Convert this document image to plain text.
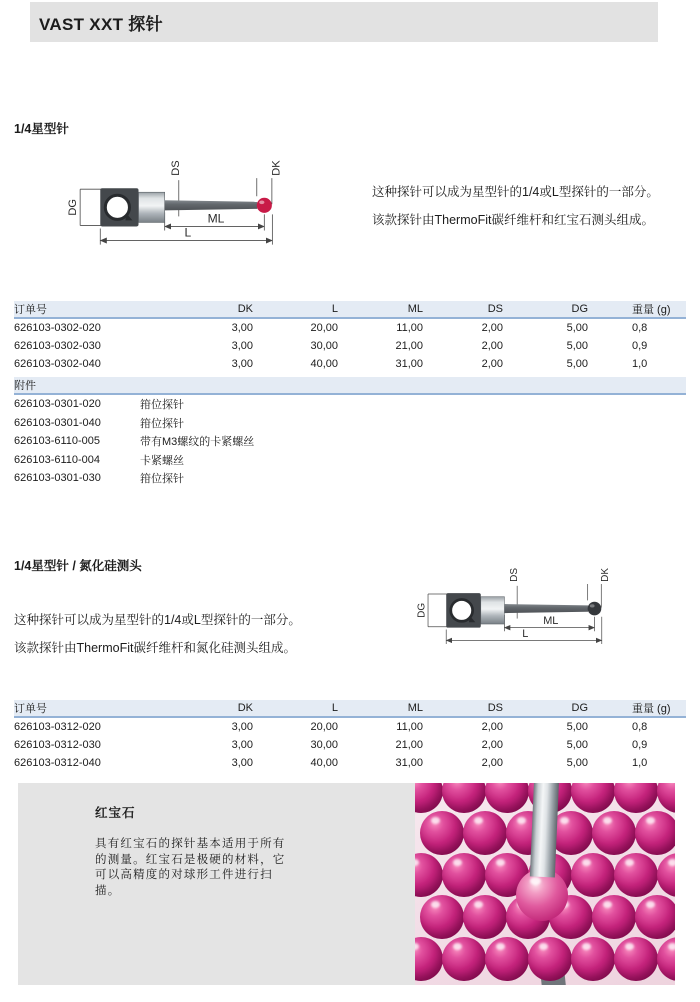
VAST XXT 探针
1/4星型针
DG
DS	DK
ML
L
这种探针可以成为星型针的1/4或L型探针的一部分。
该款探针由ThermoFit碳纤维杆和红宝石测头组成。
订单号	DK	L	ML	DS	DG	重量 (g)
626103-0302-020	3,00	20,00	11,00	2,00	5,00	0,8
626103-0302-030	3,00	30,00	21,00	2,00	5,00	0,9
626103-0302-040	3,00	40,00	31,00	2,00	5,00	1,0
附件
626103-0301-020	箝位探针
626103-0301-040	箝位探针
626103-6110-005	带有M3螺纹的卡紧螺丝
626103-6110-004	卡紧螺丝
626103-0301-030	箝位探针
1/4星型针 / 氮化硅测头
这种探针可以成为星型针的1/4或L型探针的一部分。
该款探针由ThermoFit碳纤维杆和氮化硅测头组成。
DG
DS	DK
ML
L
订单号	DK	L	ML	DS	DG	重量 (g)
626103-0312-020	3,00	20,00	11,00	2,00	5,00	0,8
626103-0312-030	3,00	30,00	21,00	2,00	5,00	0,9
626103-0312-040	3,00	40,00	31,00	2,00	5,00	1,0
红宝石
具有红宝石的探针基本适用于所有
的测量。红宝石是极硬的材料，它
可以高精度的对球形工件进行扫
描。
